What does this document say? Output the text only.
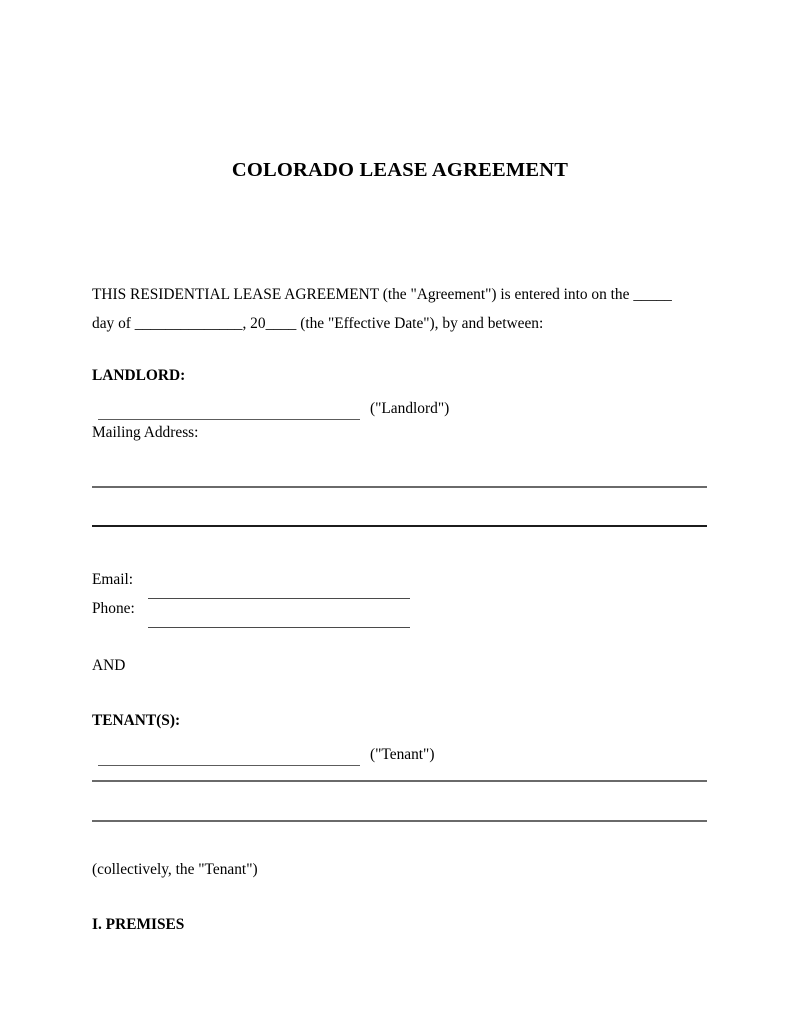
COLORADO LEASE AGREEMENT
THIS RESIDENTIAL LEASE AGREEMENT (the "Agreement") is entered into on the _____
day of ______________, 20____ (the "Effective Date"), by and between:
LANDLORD:
("Landlord")
Mailing Address:
Email:
Phone:
AND
TENANT(S):
("Tenant")
(collectively, the "Tenant")
I. PREMISES
